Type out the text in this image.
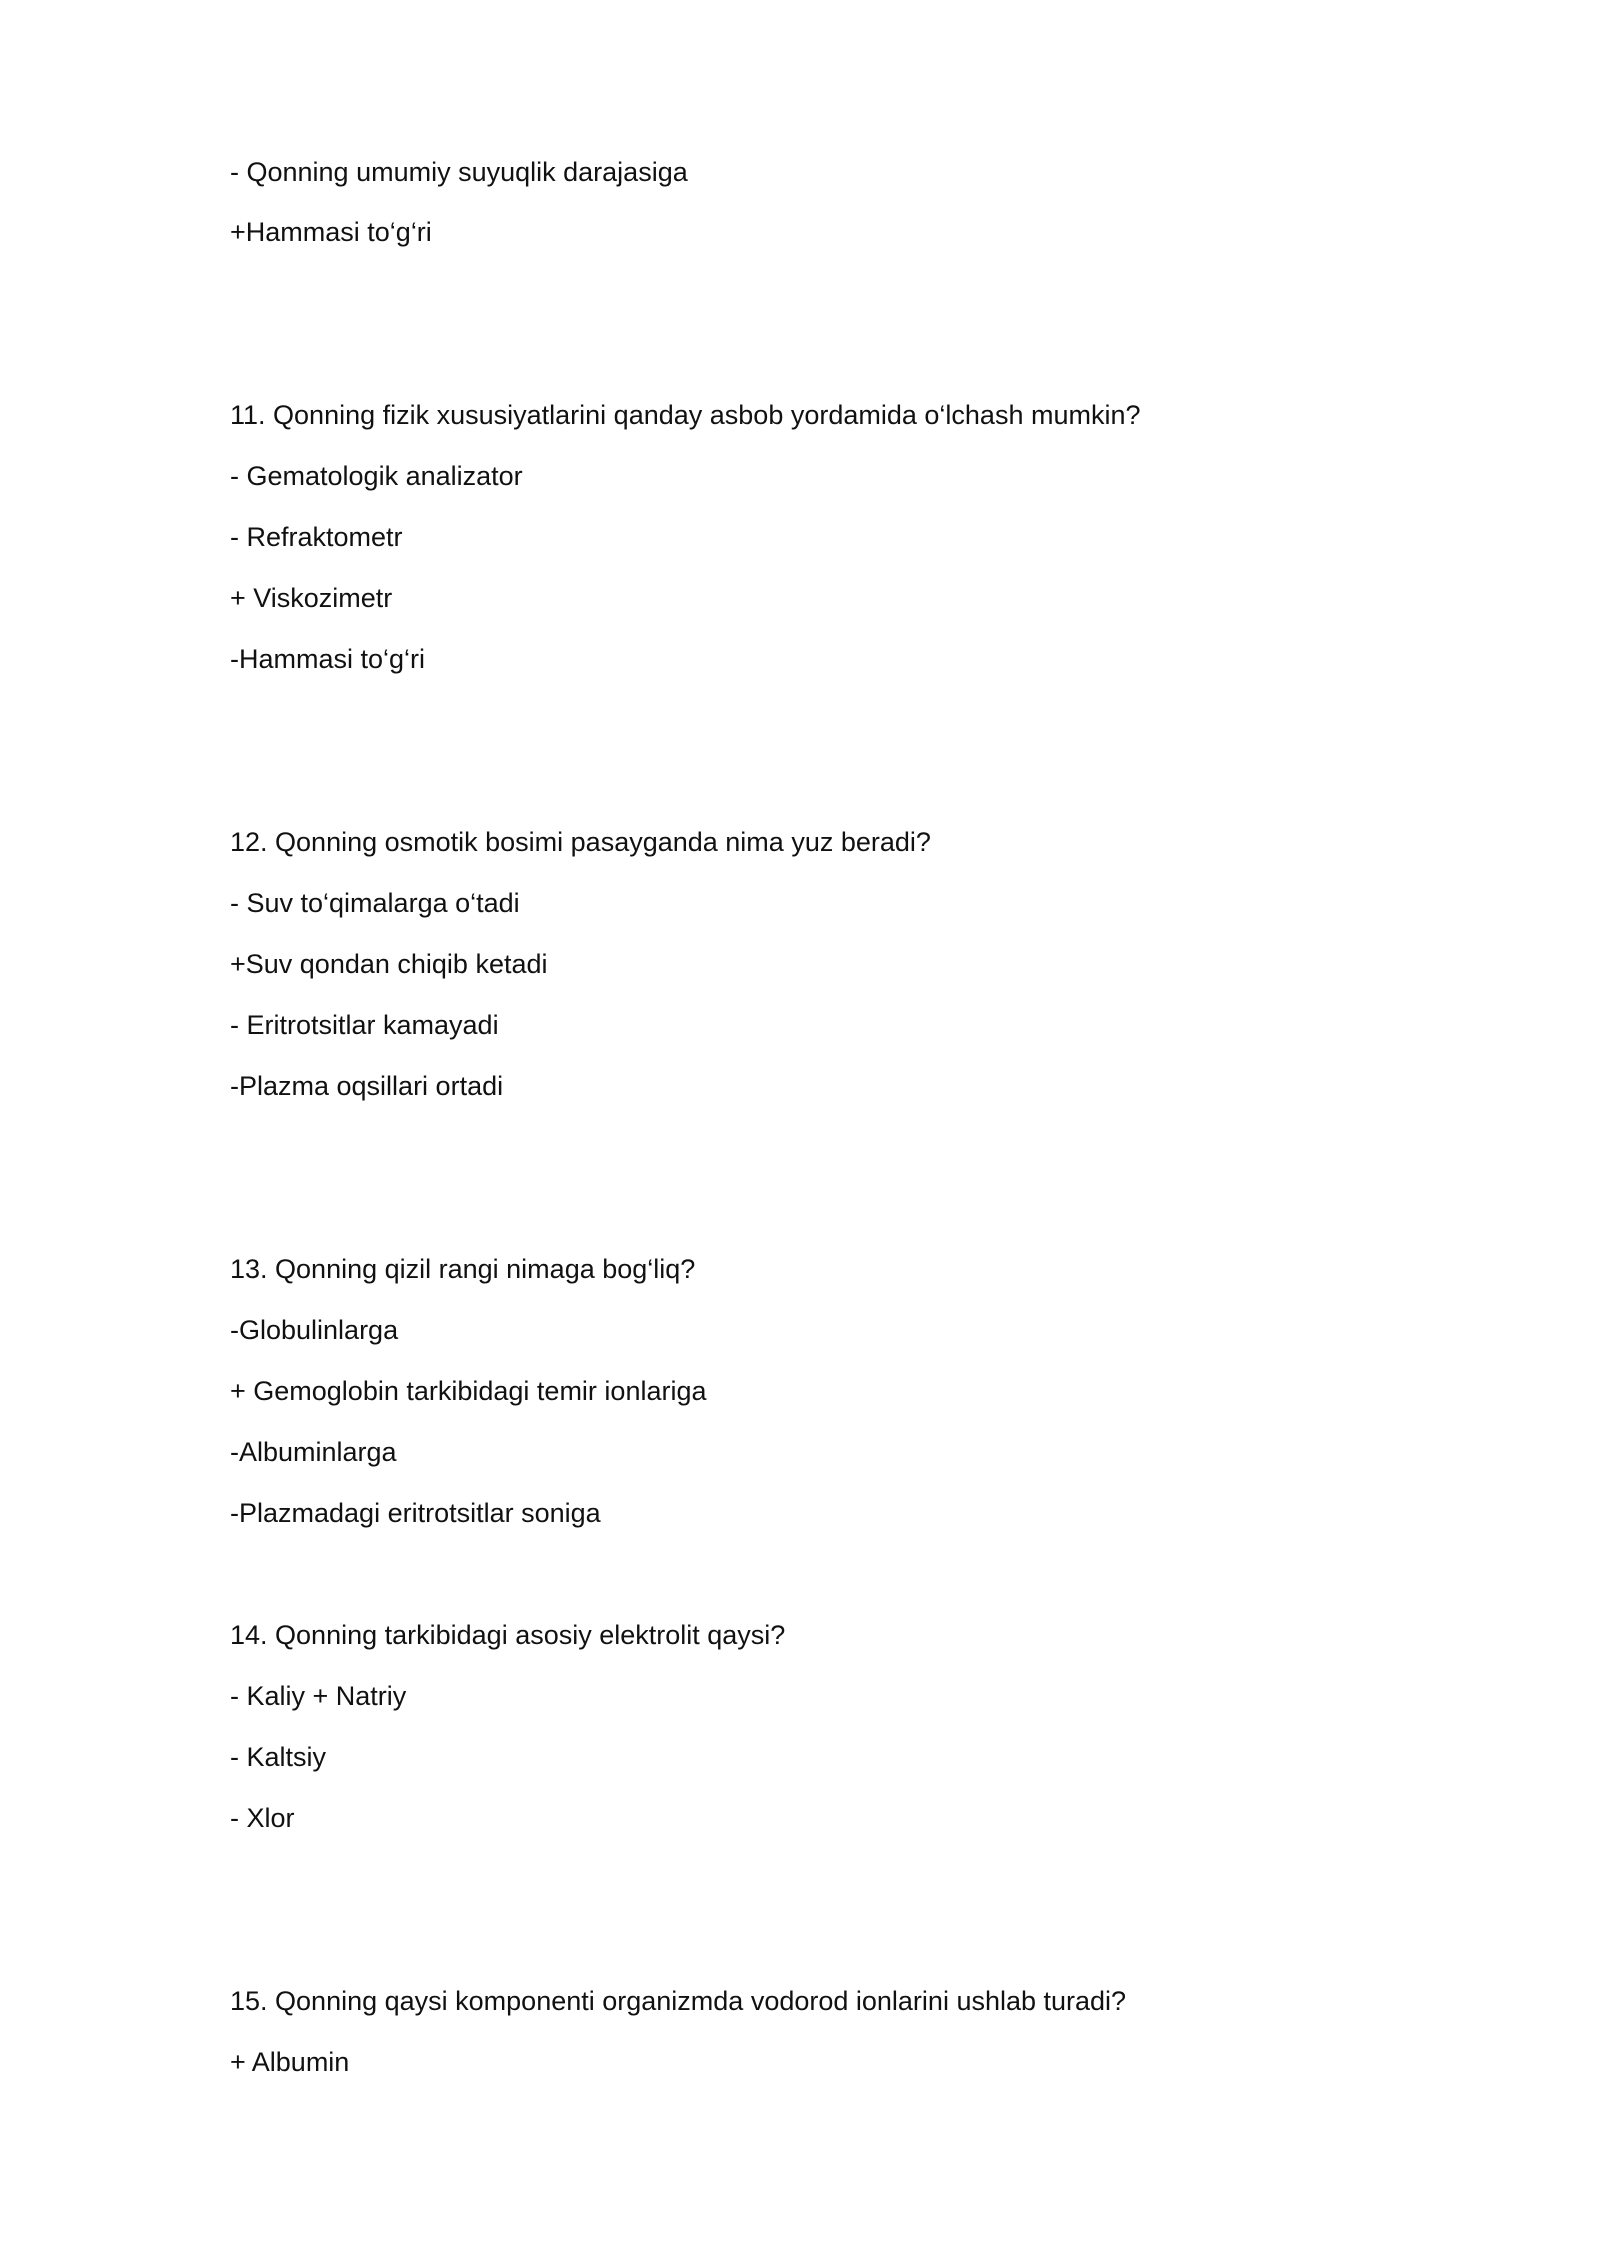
- Qonning umumiy suyuqlik darajasiga
+Hammasi to‘g‘ri
11. Qonning fizik xususiyatlarini qanday asbob yordamida o‘lchash mumkin?
- Gematologik analizator
- Refraktometr
+ Viskozimetr
-Hammasi to‘g‘ri
12. Qonning osmotik bosimi pasayganda nima yuz beradi?
- Suv to‘qimalarga o‘tadi
+Suv qondan chiqib ketadi
- Eritrotsitlar kamayadi
-Plazma oqsillari ortadi
13. Qonning qizil rangi nimaga bog‘liq?
-Globulinlarga
+ Gemoglobin tarkibidagi temir ionlariga
-Albuminlarga
-Plazmadagi eritrotsitlar soniga
14. Qonning tarkibidagi asosiy elektrolit qaysi?
- Kaliy + Natriy
- Kaltsiy
- Xlor
15. Qonning qaysi komponenti organizmda vodorod ionlarini ushlab turadi?
+ Albumin
